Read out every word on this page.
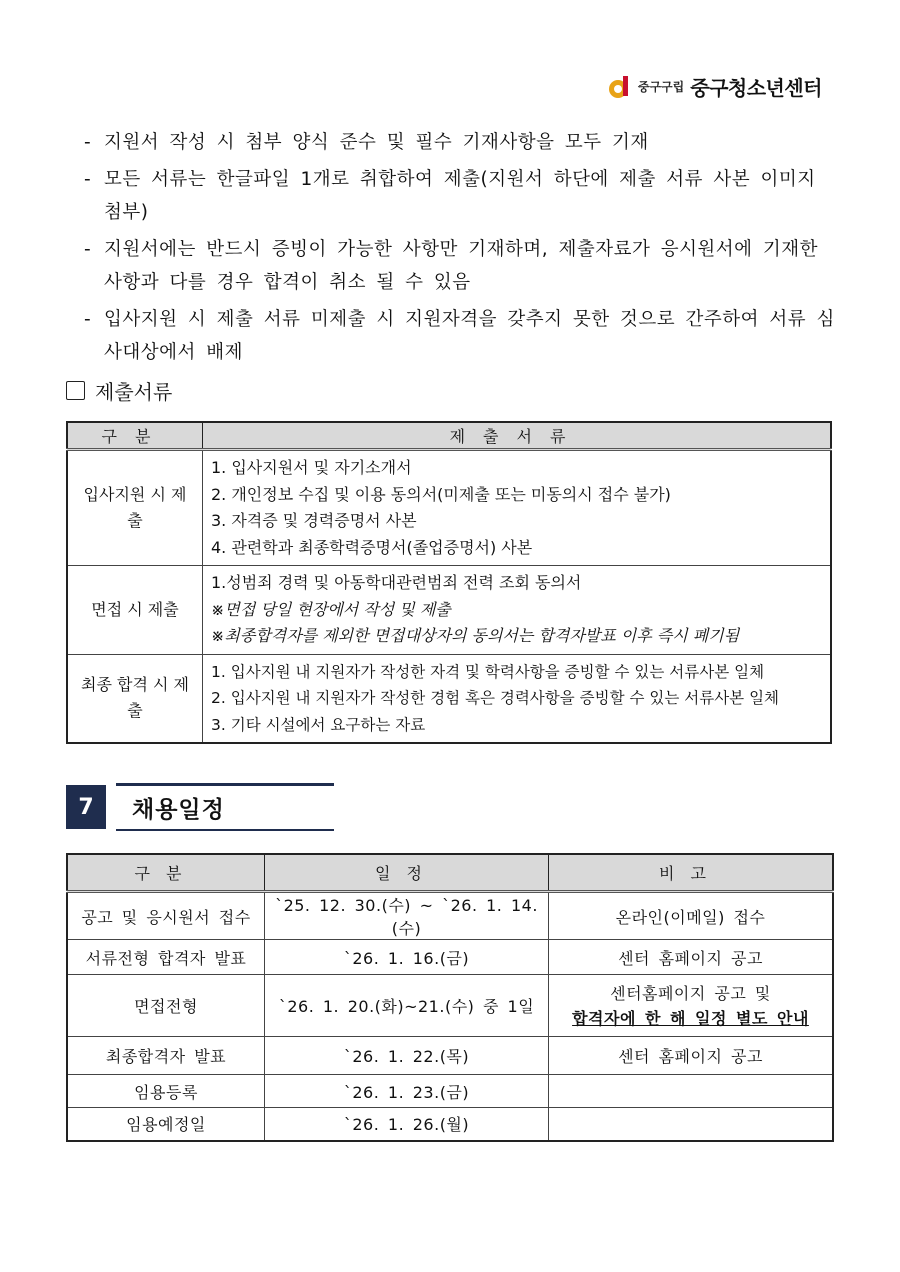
중구구립 중구청소년센터
- 지원서 작성 시 첨부 양식 준수 및 필수 기재사항을 모두 기재
- 모든 서류는 한글파일 1개로 취합하여 제출(지원서 하단에 제출 서류 사본 이미지 첨부)
- 지원서에는 반드시 증빙이 가능한 사항만 기재하며, 제출자료가 응시원서에 기재한 사항과 다를 경우 합격이 취소 될 수 있음
- 입사지원 시 제출 서류 미제출 시 지원자격을 갖추지 못한 것으로 간주하여 서류 심사대상에서 배제
제출서류
구분	제출서류
입사지원 시 제출	1. 입사지원서 및 자기소개서
2. 개인정보 수집 및 이용 동의서(미제출 또는 미동의시 접수 불가)
3. 자격증 및 경력증명서 사본
4. 관련학과 최종학력증명서(졸업증명서) 사본

면접 시 제출	1.성범죄 경력 및 아동학대관련범죄 전력 조회 동의서
※면접 당일 현장에서 작성 및 제출
※최종합격자를 제외한 면접대상자의 동의서는 합격자발표 이후 즉시 폐기됨

최종 합격 시 제출	1. 입사지원 내 지원자가 작성한 자격 및 학력사항을 증빙할 수 있는 서류사본 일체
2. 입사지원 내 지원자가 작성한 경험 혹은 경력사항을 증빙할 수 있는 서류사본 일체
3. 기타 시설에서 요구하는 자료
7	채용일정
구분	일정	비고
공고 및 응시원서 접수	`25. 12. 30.(수) ~ `26. 1. 14.(수)	온라인(이메일) 접수
서류전형 합격자 발표	`26. 1. 16.(금)	센터 홈페이지 공고
면접전형	`26. 1. 20.(화)~21.(수) 중 1일	센터홈페이지 공고 및
합격자에 한 해 일정 별도 안내

최종합격자 발표	`26. 1. 22.(목)	센터 홈페이지 공고
임용등록	`26. 1. 23.(금)	
임용예정일	`26. 1. 26.(월)	
